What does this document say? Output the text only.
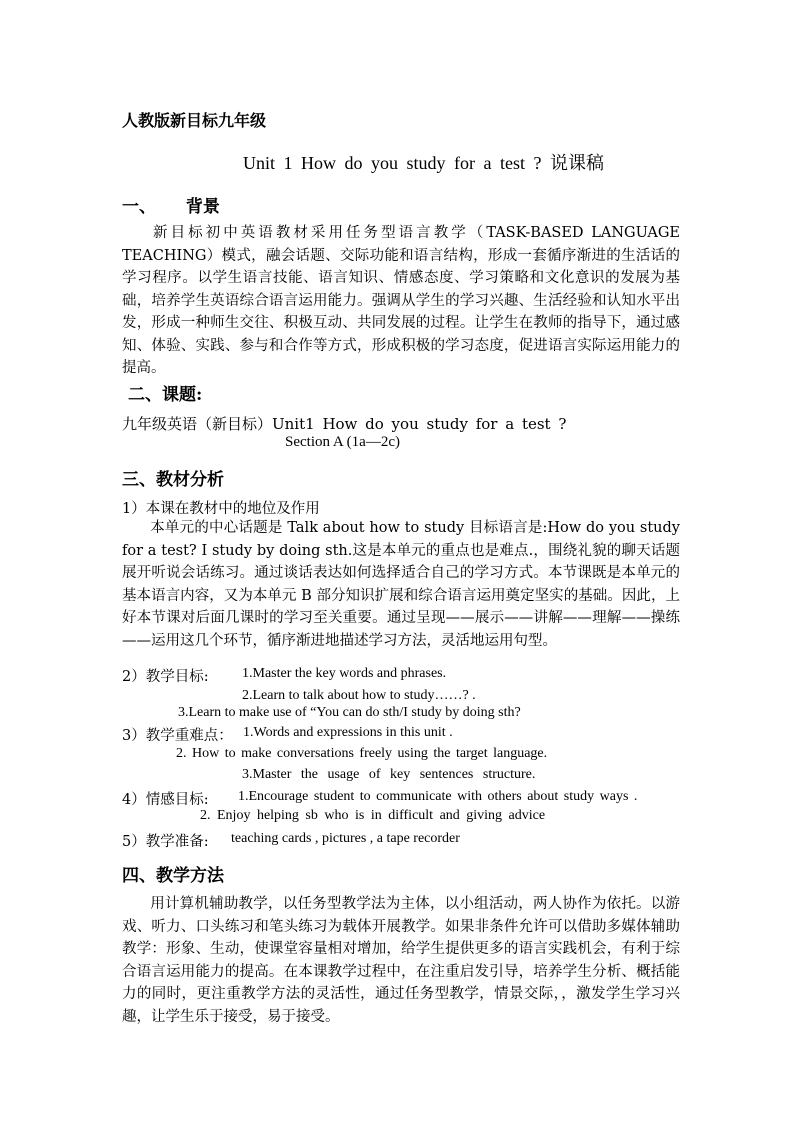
人教版新目标九年级
Unit 1 How do you study for a test ? 说课稿
一、 背景
新目标初中英语教材采用任务型语言教学（TASK-BASED LANGUAGE TEACHING）模式，融会话题、交际功能和语言结构，形成一套循序渐进的生活话的学习程序。以学生语言技能、语言知识、情感态度、学习策略和文化意识的发展为基础，培养学生英语综合语言运用能力。强调从学生的学习兴趣、生活经验和认知水平出发，形成一种师生交往、积极互动、共同发展的过程。让学生在教师的指导下，通过感知、体验、实践、参与和合作等方式，形成积极的学习态度，促进语言实际运用能力的提高。
二、课题:
九年级英语（新目标）Unit1 How do you study for a test ?
Section A (1a—2c)
三、教材分析
1）本课在教材中的地位及作用
本单元的中心话题是 Talk about how to study 目标语言是:How do you study for a test? I study by doing sth.这是本单元的重点也是难点.，围绕礼貌的聊天话题展开听说会话练习。通过谈话表达如何选择适合自己的学习方式。本节课既是本单元的基本语言内容，又为本单元 B 部分知识扩展和综合语言运用奠定坚实的基础。因此，上好本节课对后面几课时的学习至关重要。通过呈现——展示——讲解——理解——操练——运用这几个环节，循序渐进地描述学习方法，灵活地运用句型。
2）教学目标: 1.Master the key words and phrases.
2.Learn to talk about how to study……? .
3.Learn to make use of “You can do sth/I study by doing sth?
3）教学重难点： 1.Words and expressions in this unit .
2. How to make conversations freely using the target language.
3.Master the usage of key sentences structure.
4）情感目标: 1.Encourage student to communicate with others about study ways .
2. Enjoy helping sb who is in difficult and giving advice
5）教学准备: teaching cards , pictures , a tape recorder
四、教学方法
用计算机辅助教学，以任务型教学法为主体，以小组活动，两人协作为依托。以游戏、听力、口头练习和笔头练习为载体开展教学。如果非条件允许可以借助多媒体辅助教学：形象、生动，使课堂容量相对增加，给学生提供更多的语言实践机会，有利于综合语言运用能力的提高。在本课教学过程中，在注重启发引导，培养学生分析、概括能力的同时，更注重教学方法的灵活性，通过任务型教学，情景交际，，激发学生学习兴趣，让学生乐于接受，易于接受。
